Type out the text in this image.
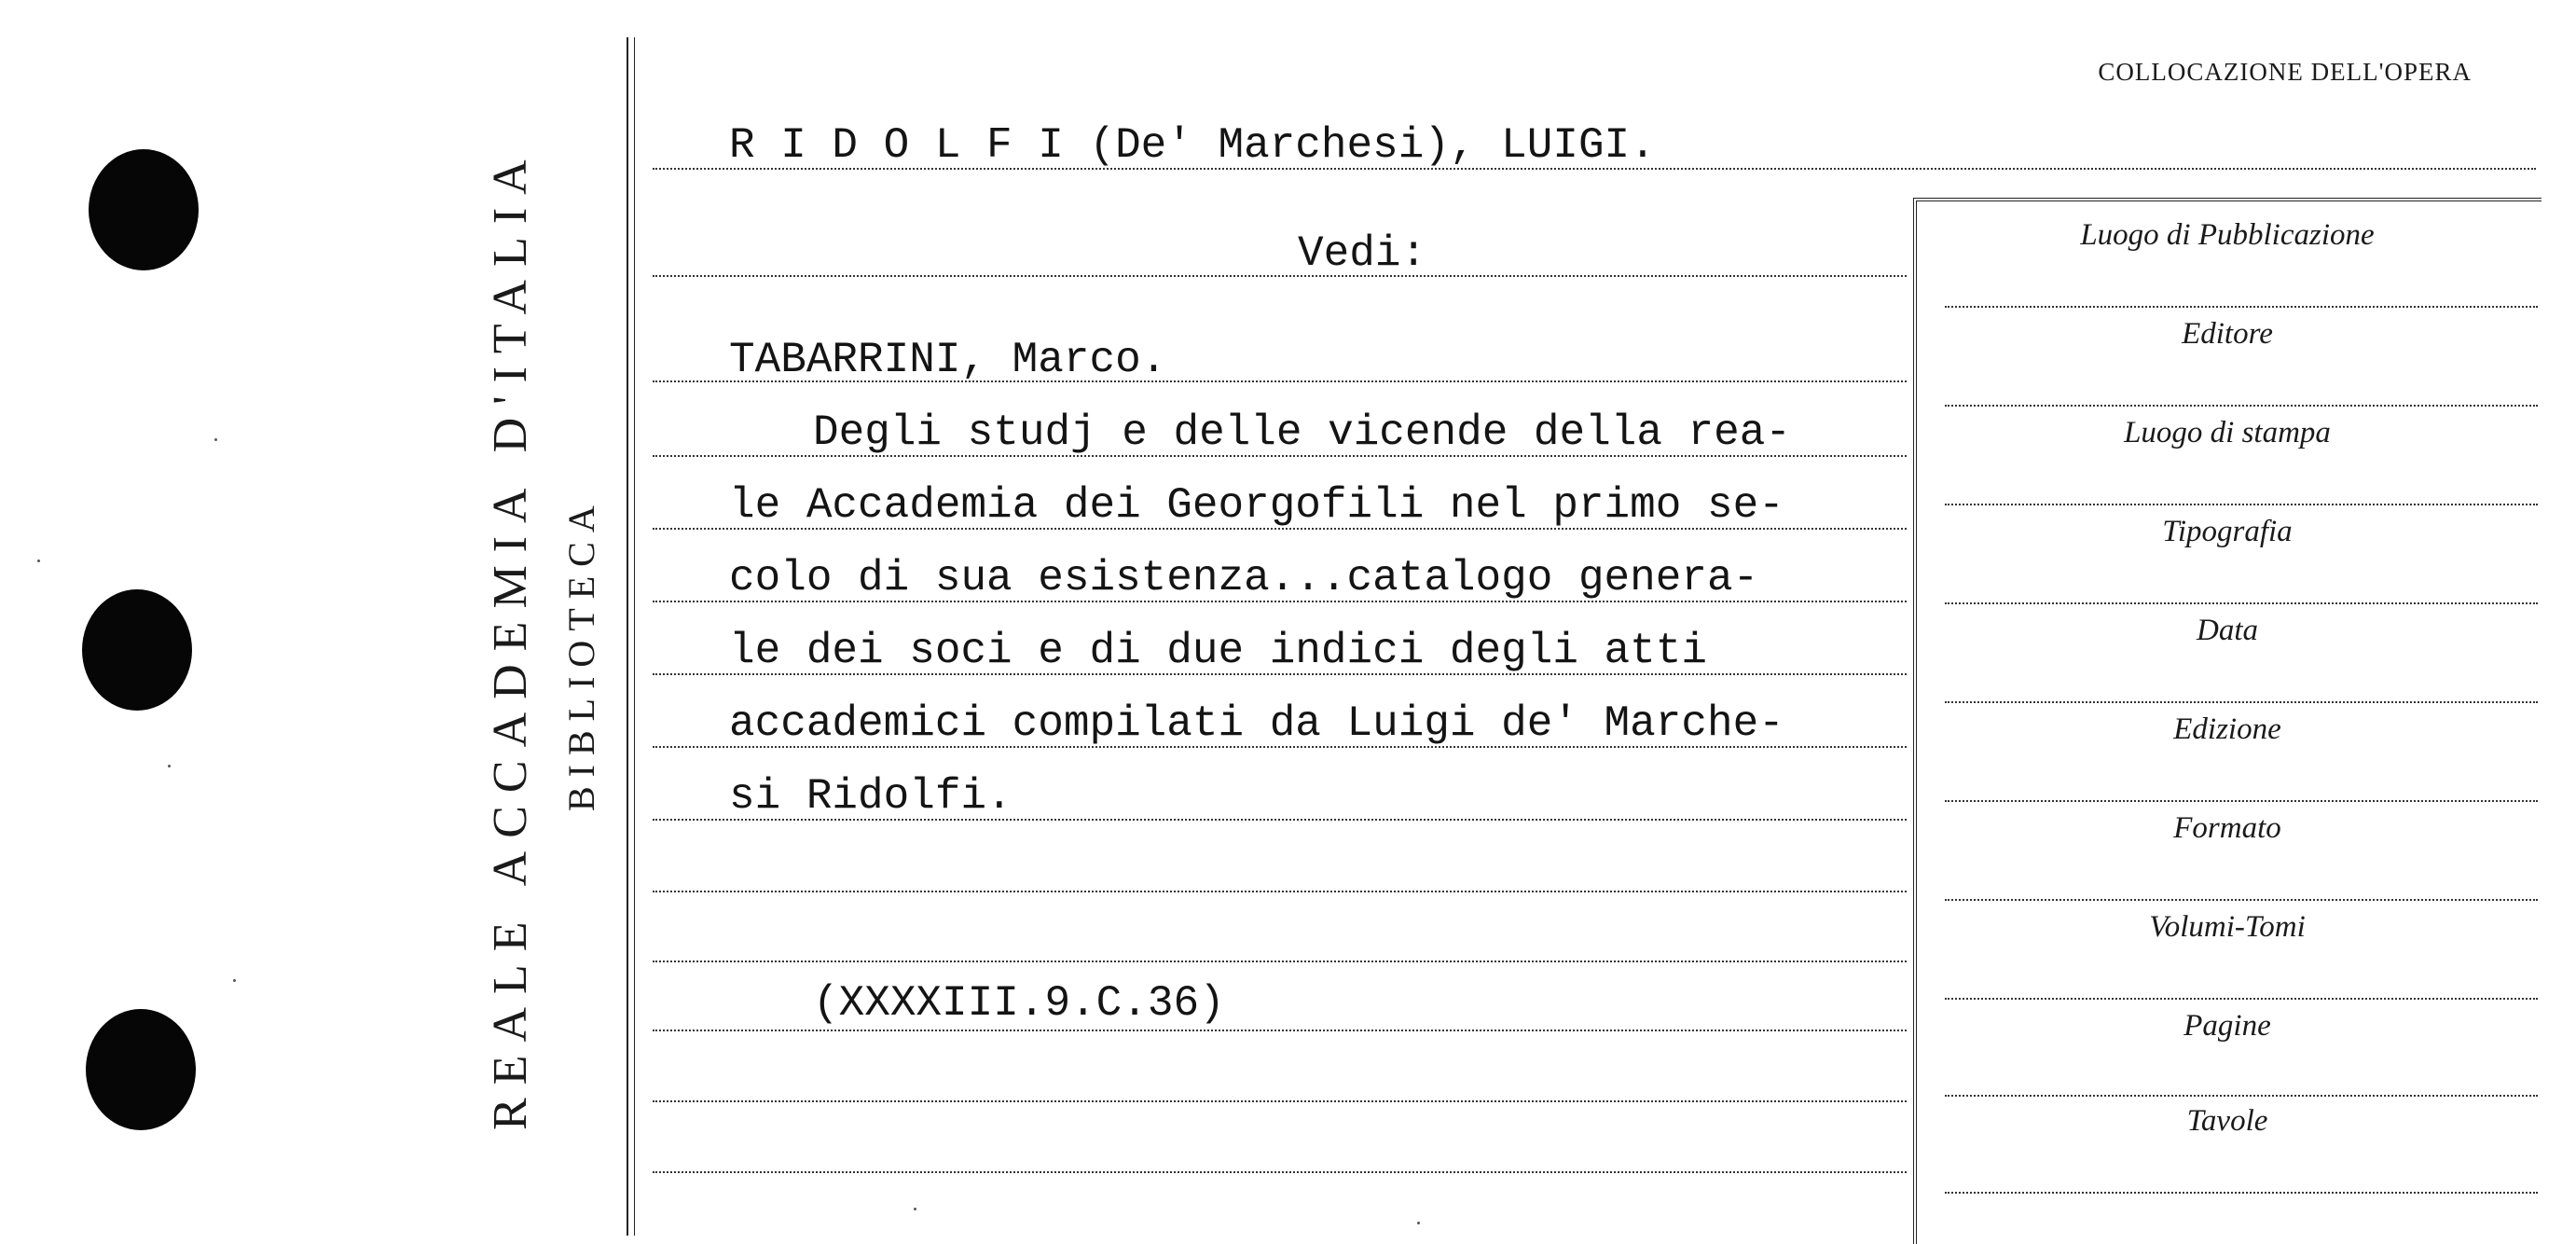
REALE ACCADEMIA D'ITALIA BIBLIOTECA
COLLOCAZIONE DELL'OPERA
R I D O L F I (De' Marchesi), LUIGI.
Vedi:
TABARRINI, Marco.
Degli studj e delle vicende della rea-
le Accademia dei Georgofili nel primo se-
colo di sua esistenza...catalogo genera-
le dei soci e di due indici degli atti
accademici compilati da Luigi de' Marche-
si Ridolfi.
(XXXXIII.9.C.36)
Luogo di Pubblicazione
Editore
Luogo di stampa
Tipografia
Data
Edizione
Formato
Volumi-Tomi
Pagine
Tavole
